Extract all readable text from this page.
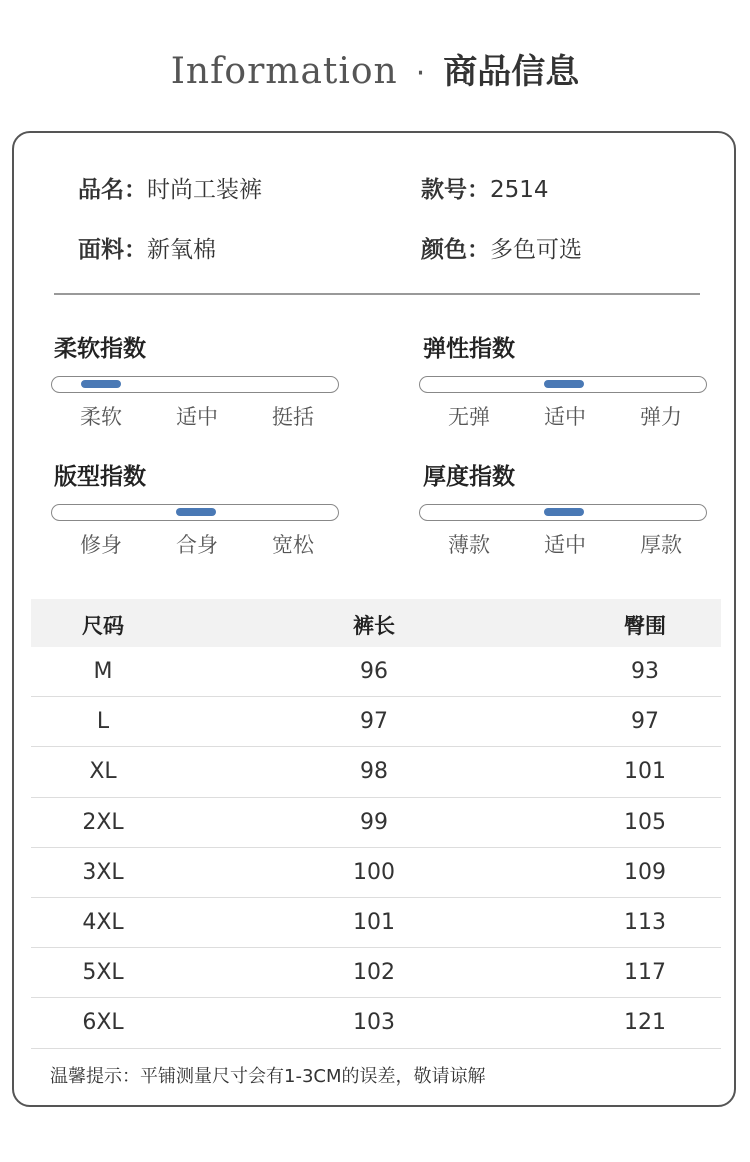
Information · 商品信息
品名：时尚工装裤	款号：2514
面料：新氧棉	颜色：多色可选
柔软指数
柔软	适中	挺括
弹性指数
无弹	适中	弹力
版型指数
修身	合身	宽松
厚度指数
薄款	适中	厚款
尺码	裤长	臀围
M	96	93
L	97	97
XL	98	101
2XL	99	105
3XL	100	109
4XL	101	113
5XL	102	117
6XL	103	121
温馨提示：平铺测量尺寸会有1-3CM的误差，敬请谅解
